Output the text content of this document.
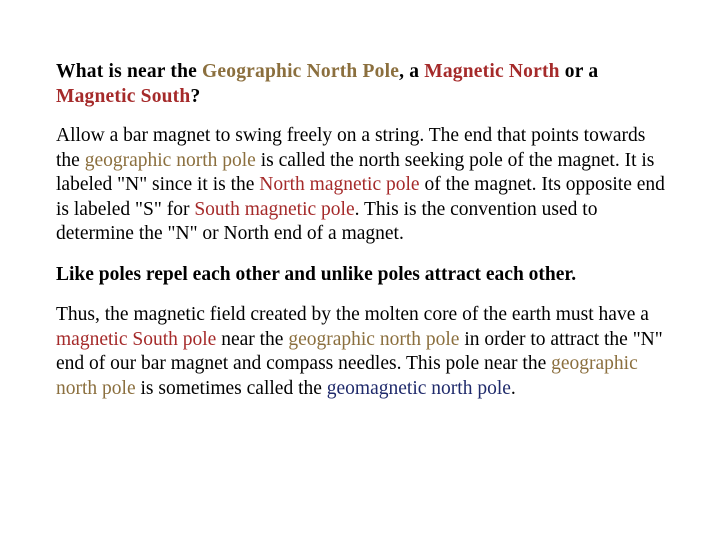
What is near the Geographic North Pole, a Magnetic North or a Magnetic South?

Allow a bar magnet to swing freely on a string. The end that points towards the geographic north pole is called the north seeking pole of the magnet. It is labeled "N" since it is the North magnetic pole of the magnet. Its opposite end is labeled "S" for South magnetic pole. This is the convention used to determine the "N" or North end of a magnet.

Like poles repel each other and unlike poles attract each other.

Thus, the magnetic field created by the molten core of the earth must have a magnetic South pole near the geographic north pole in order to attract the "N" end of our bar magnet and compass needles. This pole near the geographic north pole is sometimes called the geomagnetic north pole.
